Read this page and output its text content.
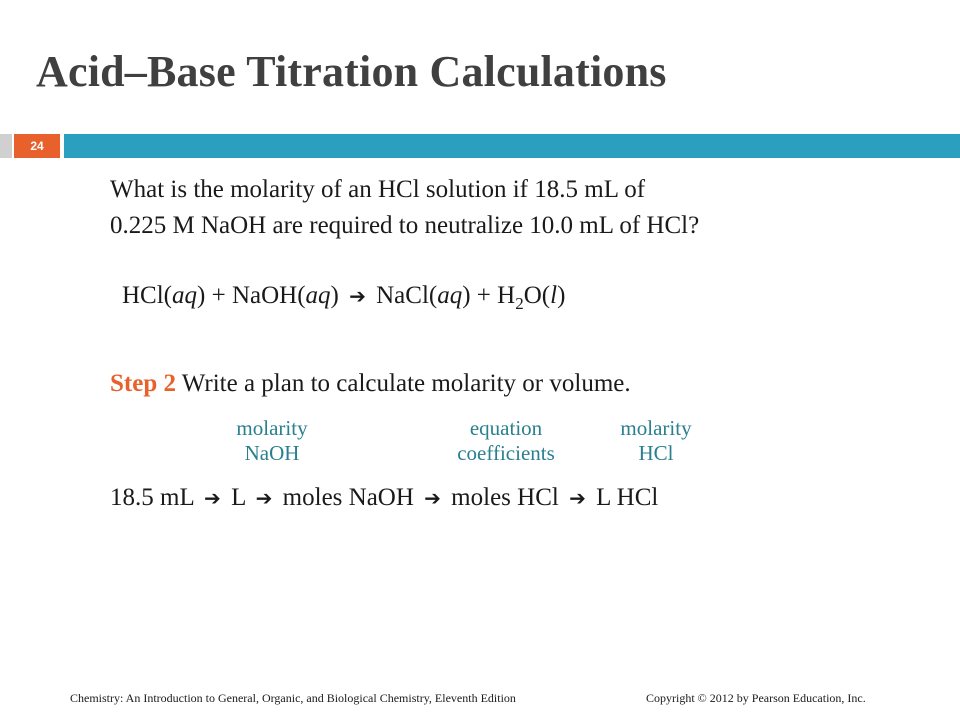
Acid–Base Titration Calculations
24
What is the molarity of an HCl solution if 18.5 mL of
0.225 M NaOH are required to neutralize 10.0 mL of HCl?
HCl(aq) + NaOH(aq) ➔ NaCl(aq) + $H_2O(l)$
Step 2 Write a plan to calculate molarity or volume.
molarity
NaOH
equation
coefficients
molarity
HCl
18.5 mL ➔ L ➔ moles NaOH ➔ moles HCl ➔ L HCl
Chemistry: An Introduction to General, Organic, and Biological Chemistry, Eleventh Edition	Copyright © 2012 by Pearson Education, Inc.
